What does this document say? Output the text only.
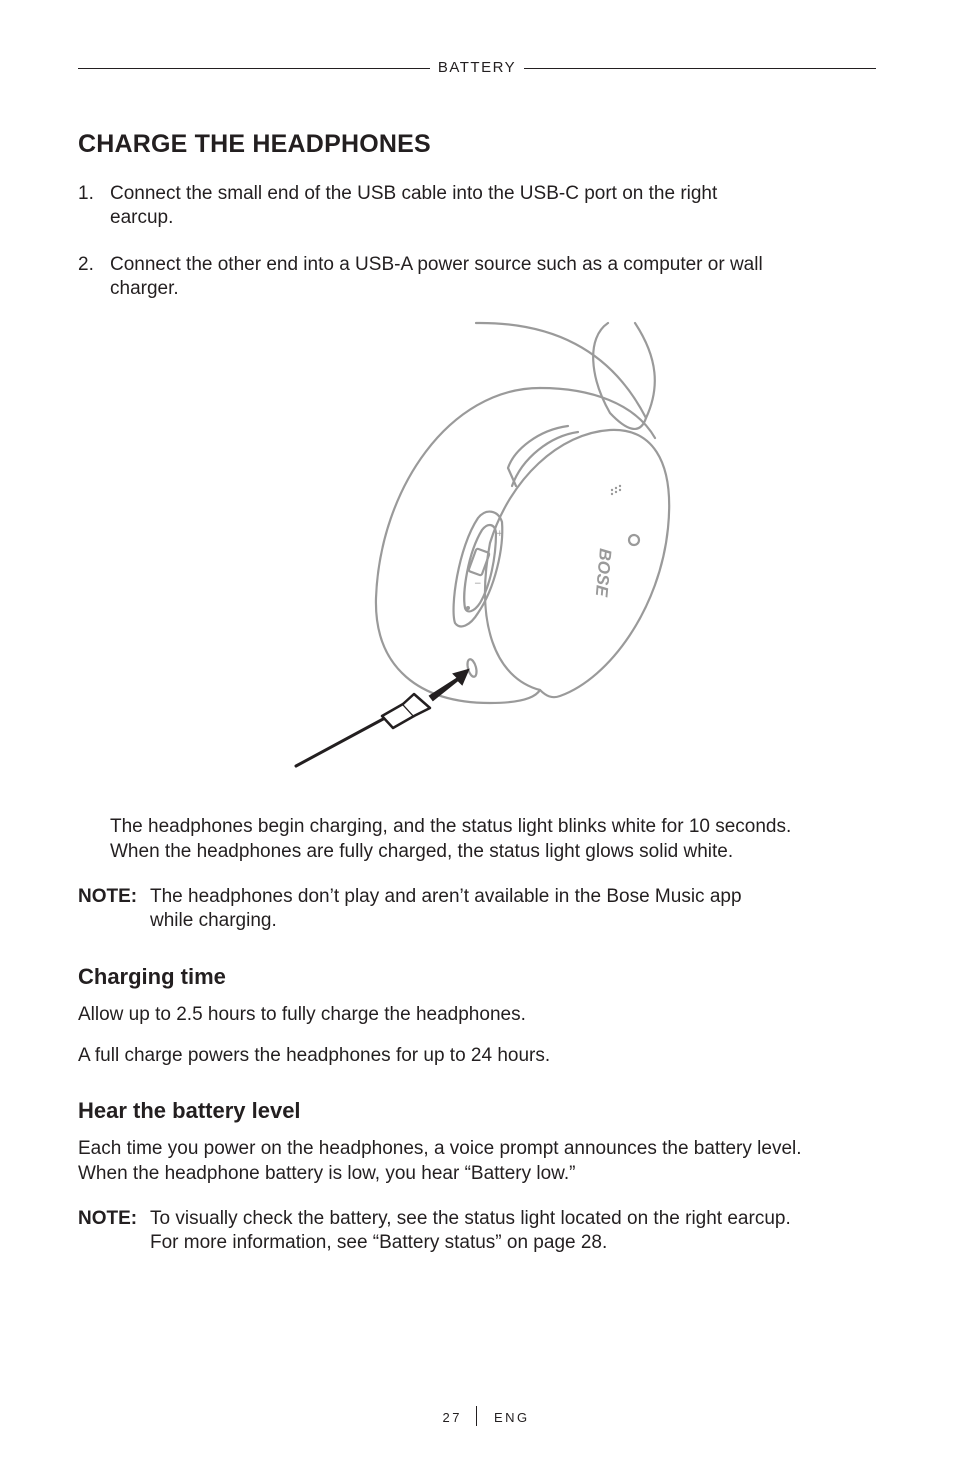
BATTERY
CHARGE THE HEADPHONES
1. Connect the small end of the USB cable into the USB-C port on the right earcup.
2. Connect the other end into a USB-A power source such as a computer or wall charger.
BOSE
+
−
The headphones begin charging, and the status light blinks white for 10 seconds.
When the headphones are fully charged, the status light glows solid white.
NOTE: The headphones don’t play and aren’t available in the Bose Music app
while charging.
Charging time
Allow up to 2.5 hours to fully charge the headphones.
A full charge powers the headphones for up to 24 hours.
Hear the battery level
Each time you power on the headphones, a voice prompt announces the battery level.
When the headphone battery is low, you hear “Battery low.”
NOTE: To visually check the battery, see the status light located on the right earcup.
For more information, see “Battery status” on page 28.
27 ENG
